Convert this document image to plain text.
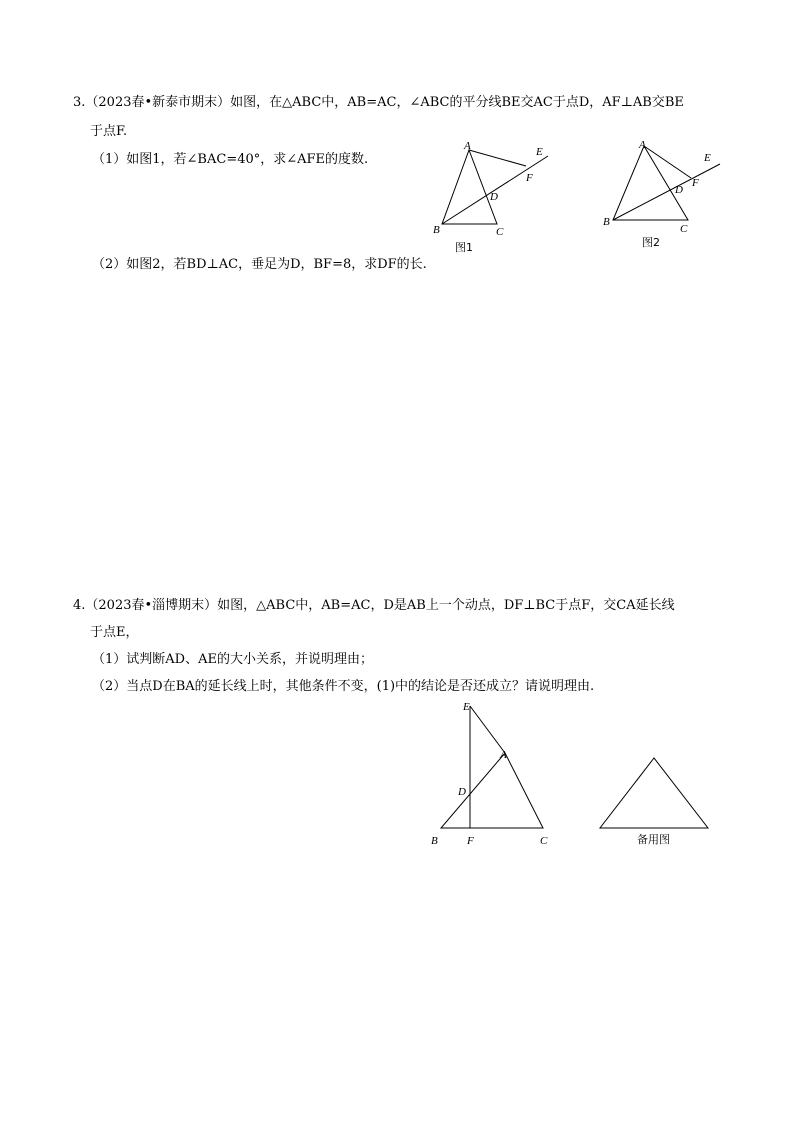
3.（2023春•新泰市期末）如图，在△ABC中，AB=AC，∠ABC的平分线BE交AC于点D，AF⊥AB交BE
于点F.
（1）如图1，若∠BAC=40°，求∠AFE的度数.
（2）如图2，若BD⊥AC，垂足为D，BF=8，求DF的长.
A
B	C
D
E
F
图1
A
B
C
D
E
F
图2
4.（2023春•淄博期末）如图，△ABC中，AB=AC，D是AB上一个动点，DF⊥BC于点F，交CA延长线
于点E，
（1）试判断AD、AE的大小关系，并说明理由；
（2）当点D在BA的延长线上时，其他条件不变，(1)中的结论是否还成立？请说明理由.
E
A
D
B	F	C	备用图
